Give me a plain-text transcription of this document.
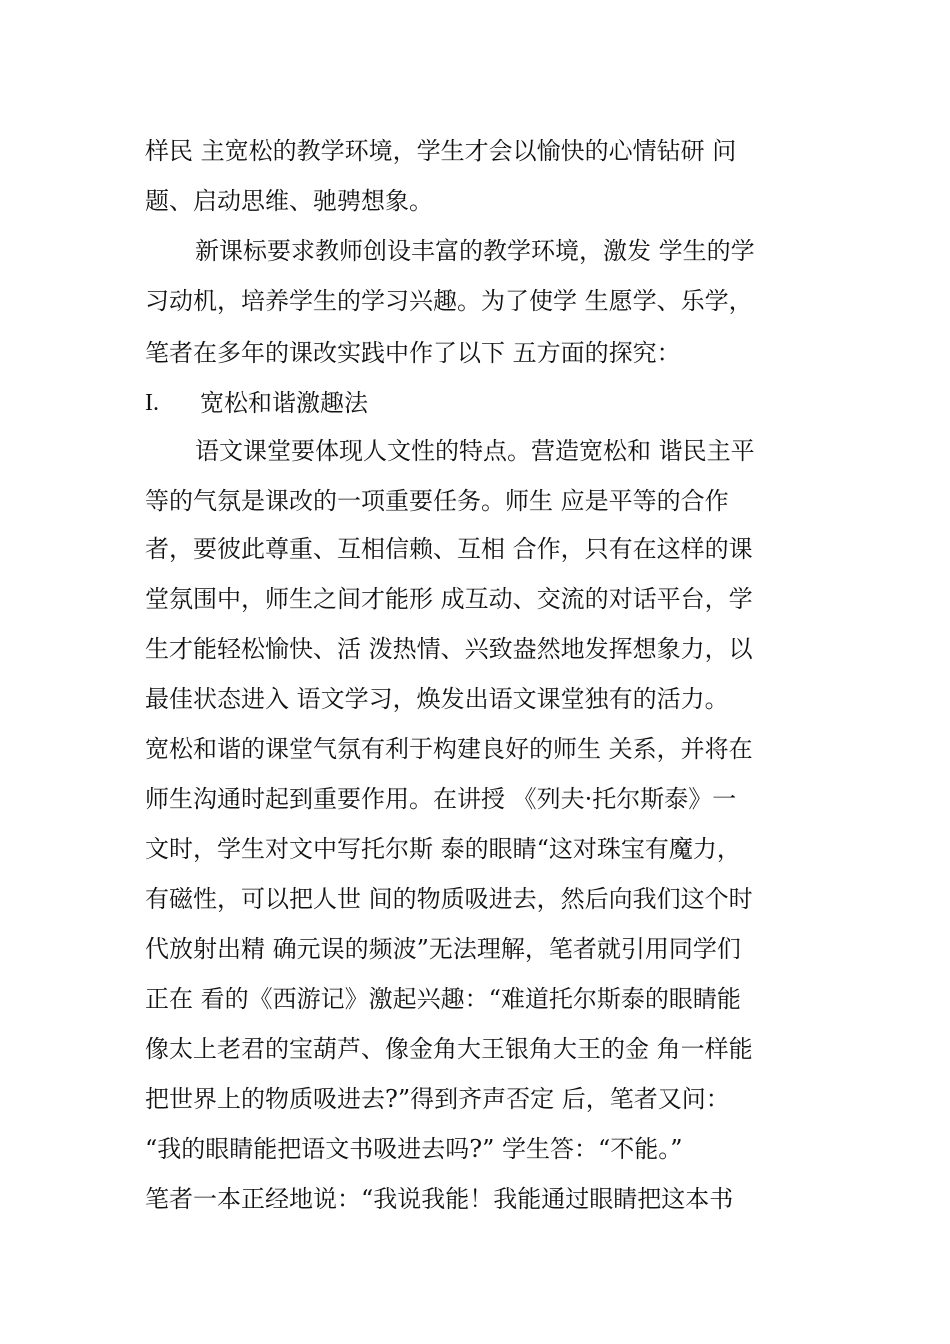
样民 主宽松的教学环境，学生才会以愉快的心情钻研 问
题、启动思维、驰骋想象。
新课标要求教师创设丰富的教学环境，激发 学生的学
习动机，培养学生的学习兴趣。为了使学 生愿学、乐学，
笔者在多年的课改实践中作了以下 五方面的探究：
I. 宽松和谐激趣法
语文课堂要体现人文性的特点。营造宽松和 谐民主平
等的气氛是课改的一项重要任务。师生 应是平等的合作
者，要彼此尊重、互相信赖、互相 合作，只有在这样的课
堂氛围中，师生之间才能形 成互动、交流的对话平台，学
生才能轻松愉快、活 泼热情、兴致盎然地发挥想象力，以
最佳状态进入 语文学习，焕发出语文课堂独有的活力。
宽松和谐的课堂气氛有利于构建良好的师生 关系，并将在
师生沟通时起到重要作用。在讲授 《列夫·托尔斯泰》一
文时，学生对文中写托尔斯 泰的眼睛“这对珠宝有魔力，
有磁性，可以把人世 间的物质吸进去，然后向我们这个时
代放射出精 确元误的频波”无法理解，笔者就引用同学们
正在 看的《西游记》激起兴趣：“难道托尔斯泰的眼睛能
像太上老君的宝葫芦、像金角大王银角大王的金 角一样能
把世界上的物质吸进去?”得到齐声否定 后，笔者又问：
“我的眼睛能把语文书吸进去吗?” 学生答：“不能。”
笔者一本正经地说：“我说我能！我能通过眼睛把这本书
